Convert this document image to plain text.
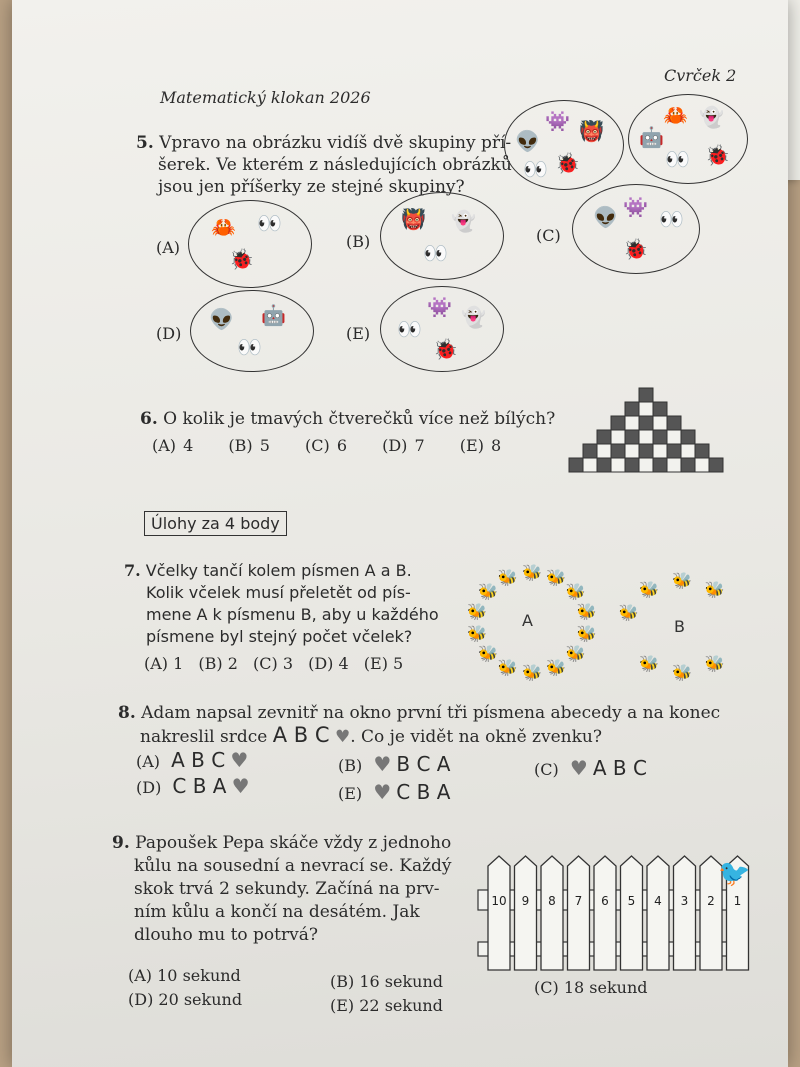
Matematický klokan 2026
Cvrček 2
5. Vpravo na obrázku vidíš dvě skupiny pří-
šerek. Ve kterém z následujících obrázků
jsou jen příšerky ze stejné skupiny?
👾 👹
👽
🐞
👀
🦀 👻
🤖
👀 🐞
(A)
🦀 👀
🐞
(B)
👹 👻
👀
(C)
👽 👾 👀
🐞
(D)
👽 🤖
👀
(E)
👾 👻
👀
🐞
6. O kolik je tmavých čtverečků více než bílých?
(A) 4 (B) 5 (C) 6 (D) 7 (E) 8
Úlohy za 4 body
7. Včelky tančí kolem písmen A a B.
Kolik včelek musí přeletět od pís-
mene A k písmenu B, aby u každého
písmene byl stejný počet včelek?
(A) 1 (B) 2 (C) 3 (D) 4 (E) 5
A	B
🐝 🐝
🐝
🐝
🐝
🐝
🐝
🐝
🐝
🐝
🐝
🐝
🐝
🐝	🐝 🐝
🐝
🐝
🐝
🐝
🐝
8. Adam napsal zevnitř na okno první tři písmena abecedy a na konec
nakreslil srdce A B C ♥. Co je vidět na okně zvenku?
(A) A B C ♥	(B) ♥ B C A	(C) ♥ A B C
(D) C B A ♥	(E) ♥ C B A
9. Papoušek Pepa skáče vždy z jednoho
kůlu na sousední a nevrací se. Každý
skok trvá 2 sekundy. Začíná na prv-
ním kůlu a končí na desátém. Jak
dlouho mu to potrvá?
10 9 8 7 6 5 4 3 2 1
🐦
(A) 10 sekund	(B) 16 sekund	(C) 18 sekund
(D) 20 sekund	(E) 22 sekund
